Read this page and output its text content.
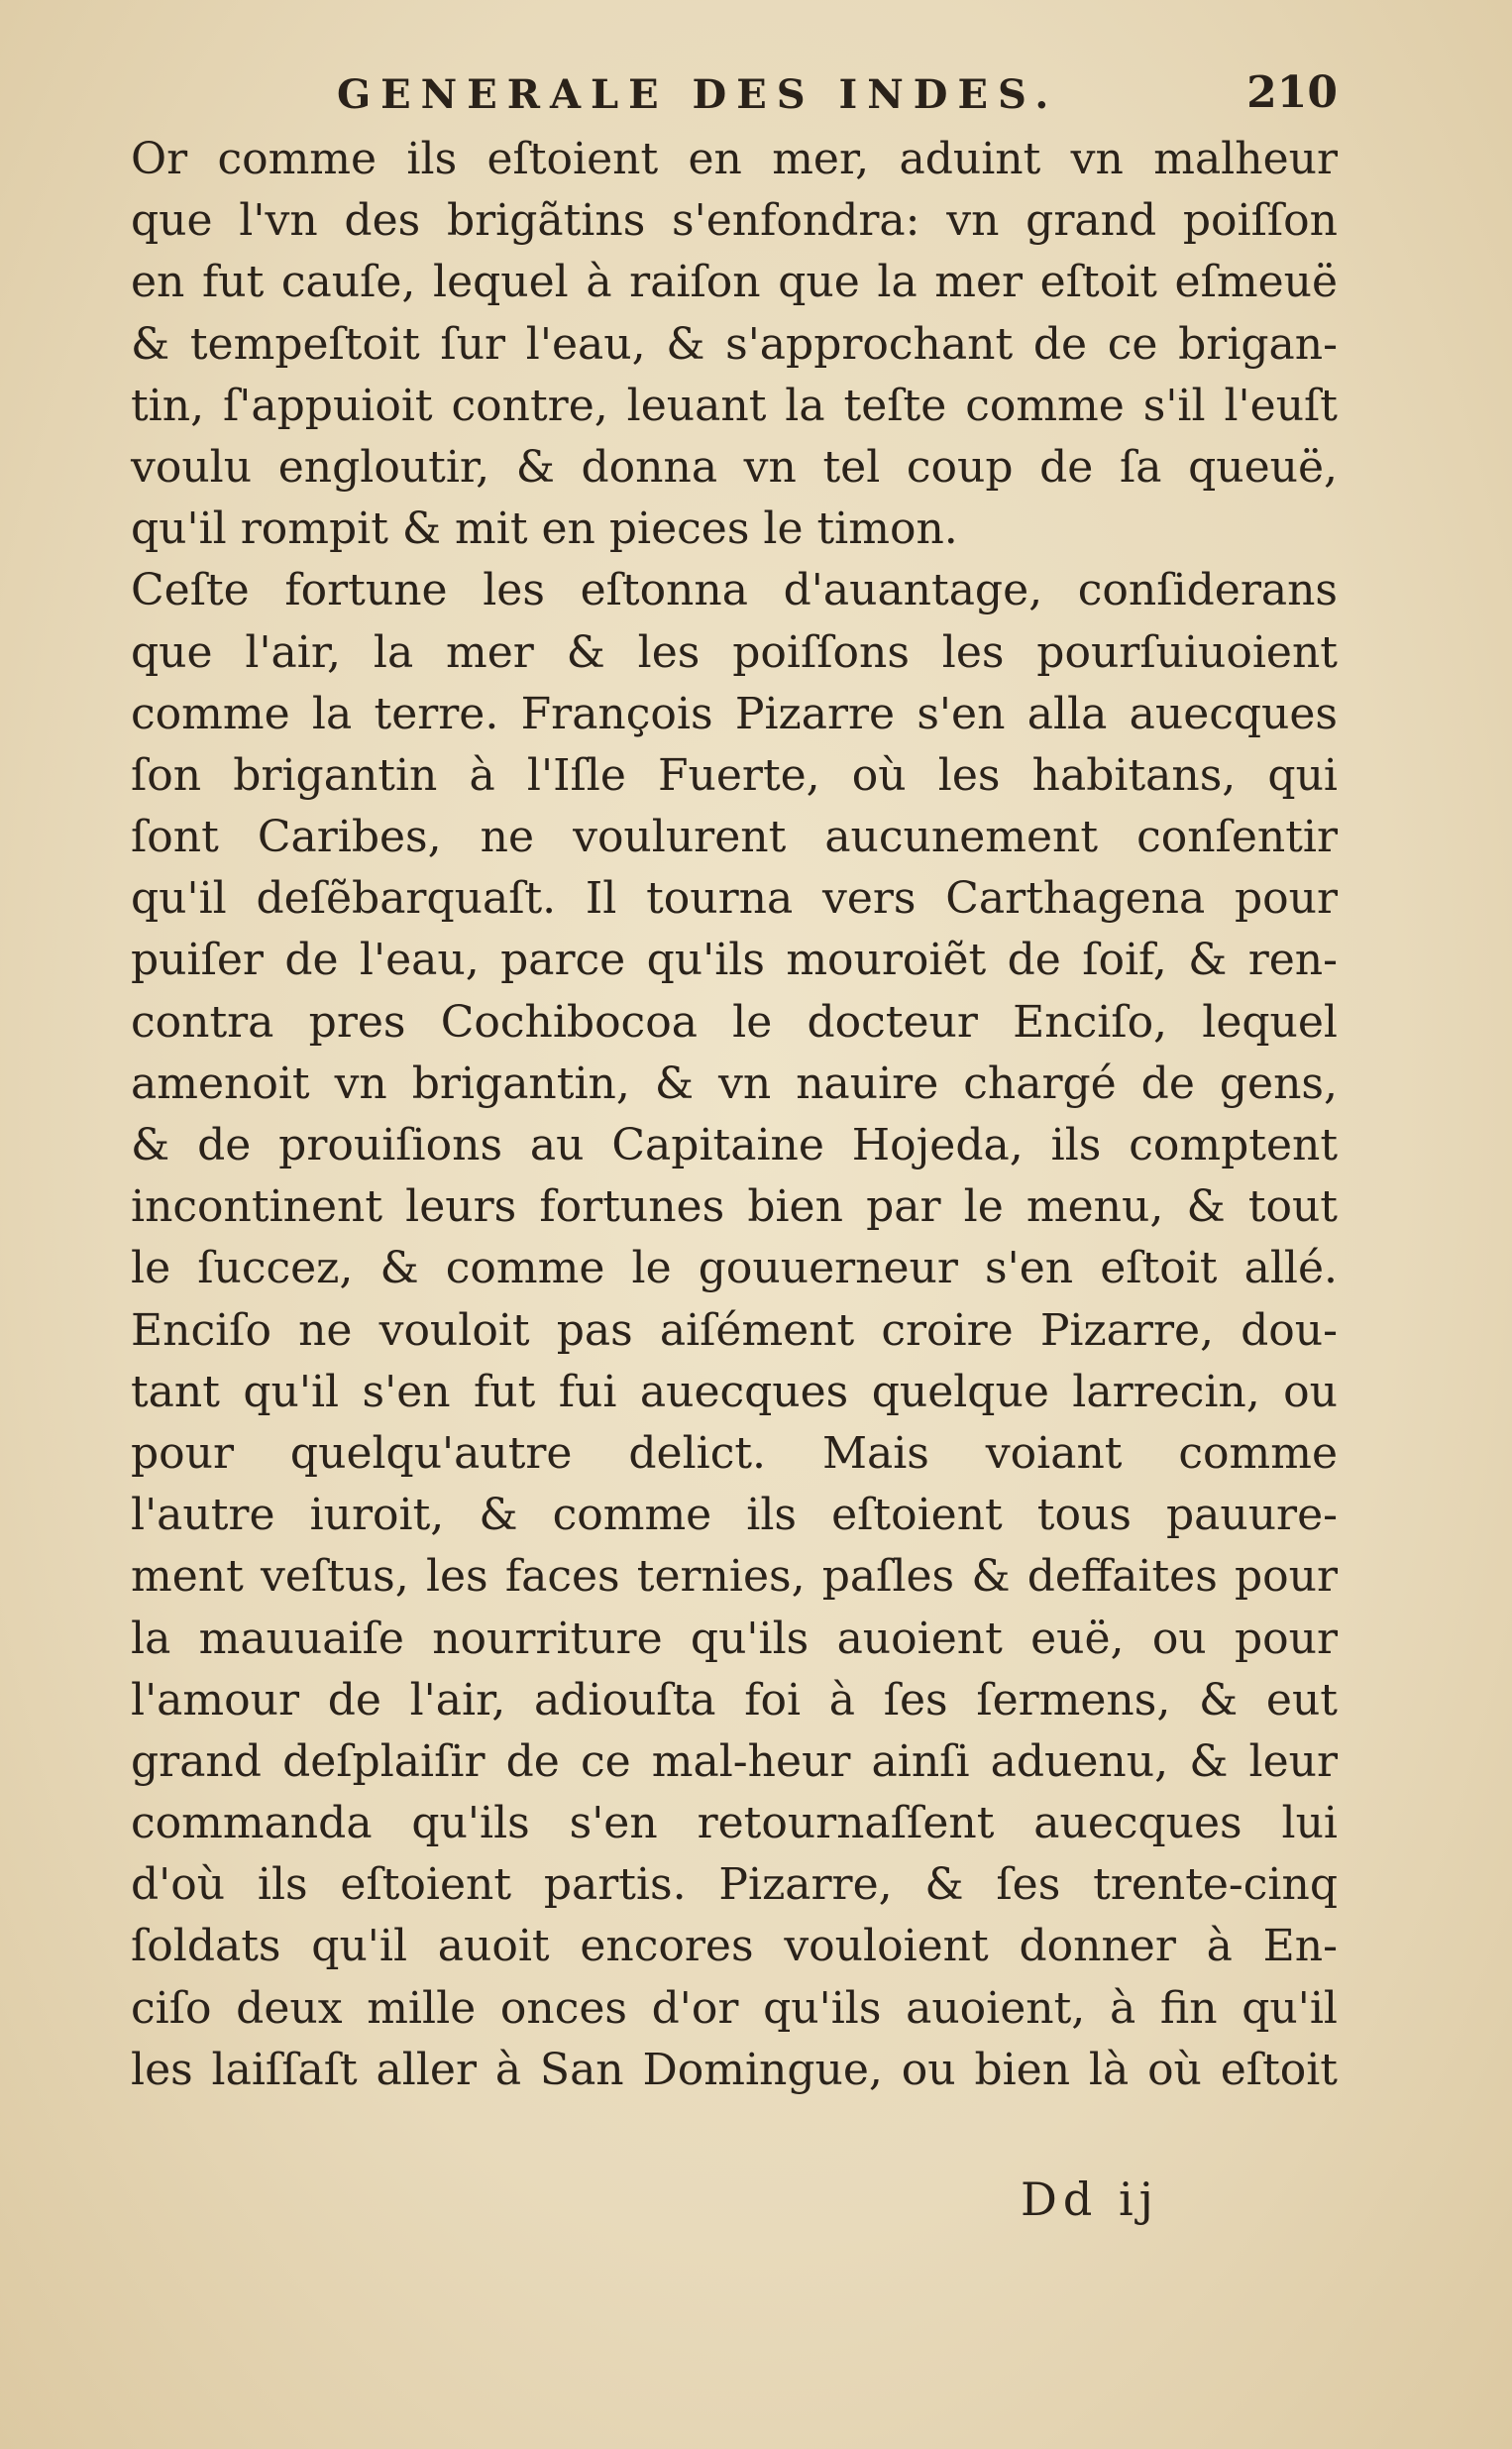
GENERALE DES INDES.	210
Or comme ils eſtoient en mer, aduint vn malheur
que l'vn des brigãtins s'enfondra: vn grand poiſſon
en fut cauſe, lequel à raiſon que la mer eſtoit eſmeuë
& tempeſtoit ſur l'eau, & s'approchant de ce brigan-
tin, ſ'appuioit contre, leuant la teſte comme s'il l'euſt
voulu engloutir, & donna vn tel coup de ſa queuë,
qu'il rompit & mit en pieces le timon.
Ceſte fortune les eſtonna d'auantage, conſiderans
que l'air, la mer & les poiſſons les pourſuiuoient
comme la terre. François Pizarre s'en alla auecques
ſon brigantin à l'Iſle Fuerte, où les habitans, qui
ſont Caribes, ne voulurent aucunement conſentir
qu'il deſẽbarquaſt. Il tourna vers Carthagena pour
puiſer de l'eau, parce qu'ils mouroiẽt de ſoif, & ren-
contra pres Cochibocoa le docteur Enciſo, lequel
amenoit vn brigantin, & vn nauire chargé de gens,
& de prouiſions au Capitaine Hojeda, ils comptent
incontinent leurs fortunes bien par le menu, & tout
le ſuccez, & comme le gouuerneur s'en eſtoit allé.
Enciſo ne vouloit pas aiſément croire Pizarre, dou-
tant qu'il s'en fut fui auecques quelque larrecin, ou
pour quelqu'autre delict. Mais voiant comme
l'autre iuroit, & comme ils eſtoient tous pauure-
ment veſtus, les faces ternies, paſles & deffaites pour
la mauuaiſe nourriture qu'ils auoient euë, ou pour
l'amour de l'air, adiouſta foi à ſes ſermens, & eut
grand deſplaiſir de ce mal-heur ainſi aduenu, & leur
commanda qu'ils s'en retournaſſent auecques lui
d'où ils eſtoient partis. Pizarre, & ſes trente-cinq
ſoldats qu'il auoit encores vouloient donner à En-
ciſo deux mille onces d'or qu'ils auoient, à fin qu'il
les laiſſaſt aller à San Domingue, ou bien là où eſtoit
Dd ij
